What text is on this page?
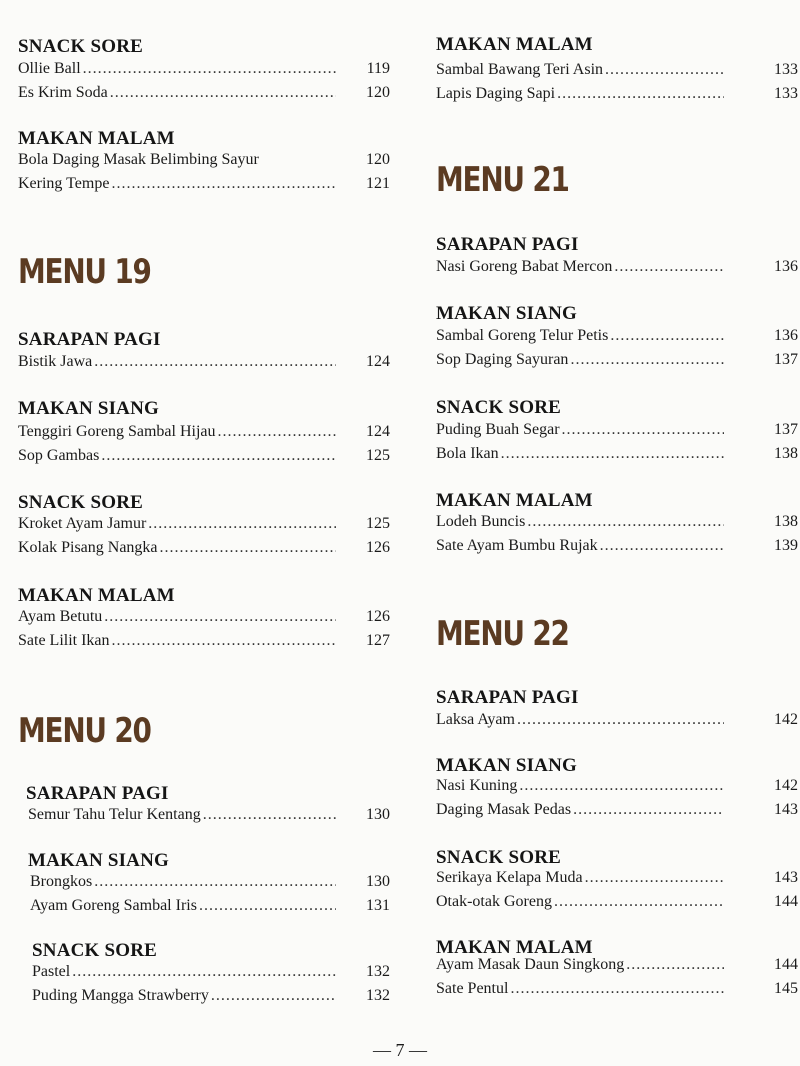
SNACK SORE
Ollie Ball .....	119
Es Krim Soda .....	120
MAKAN MALAM
Bola Daging Masak Belimbing Sayur	120
Kering Tempe .....	121
MENU 19
SARAPAN PAGI
Bistik Jawa .....	124
MAKAN SIANG
Tenggiri Goreng Sambal Hijau .....	124
Sop Gambas .....	125
SNACK SORE
Kroket Ayam Jamur .....	125
Kolak Pisang Nangka .....	126
MAKAN MALAM
Ayam Betutu .....	126
Sate Lilit Ikan .....	127
MENU 20
SARAPAN PAGI
Semur Tahu Telur Kentang .....	130
MAKAN SIANG
Brongkos .....	130
Ayam Goreng Sambal Iris .....	131
SNACK SORE
Pastel .....	132
Puding Mangga Strawberry .....	132
MAKAN MALAM
Sambal Bawang Teri Asin .....	133
Lapis Daging Sapi .....	133
MENU 21
SARAPAN PAGI
Nasi Goreng Babat Mercon .....	136
MAKAN SIANG
Sambal Goreng Telur Petis .....	136
Sop Daging Sayuran .....	137
SNACK SORE
Puding Buah Segar .....	137
Bola Ikan .....	138
MAKAN MALAM
Lodeh Buncis .....	138
Sate Ayam Bumbu Rujak .....	139
MENU 22
SARAPAN PAGI
Laksa Ayam .....	142
MAKAN SIANG
Nasi Kuning .....	142
Daging Masak Pedas .....	143
SNACK SORE
Serikaya Kelapa Muda .....	143
Otak-otak Goreng .....	144
MAKAN MALAM
Ayam Masak Daun Singkong .....	144
Sate Pentul .....	145
— 7 —
